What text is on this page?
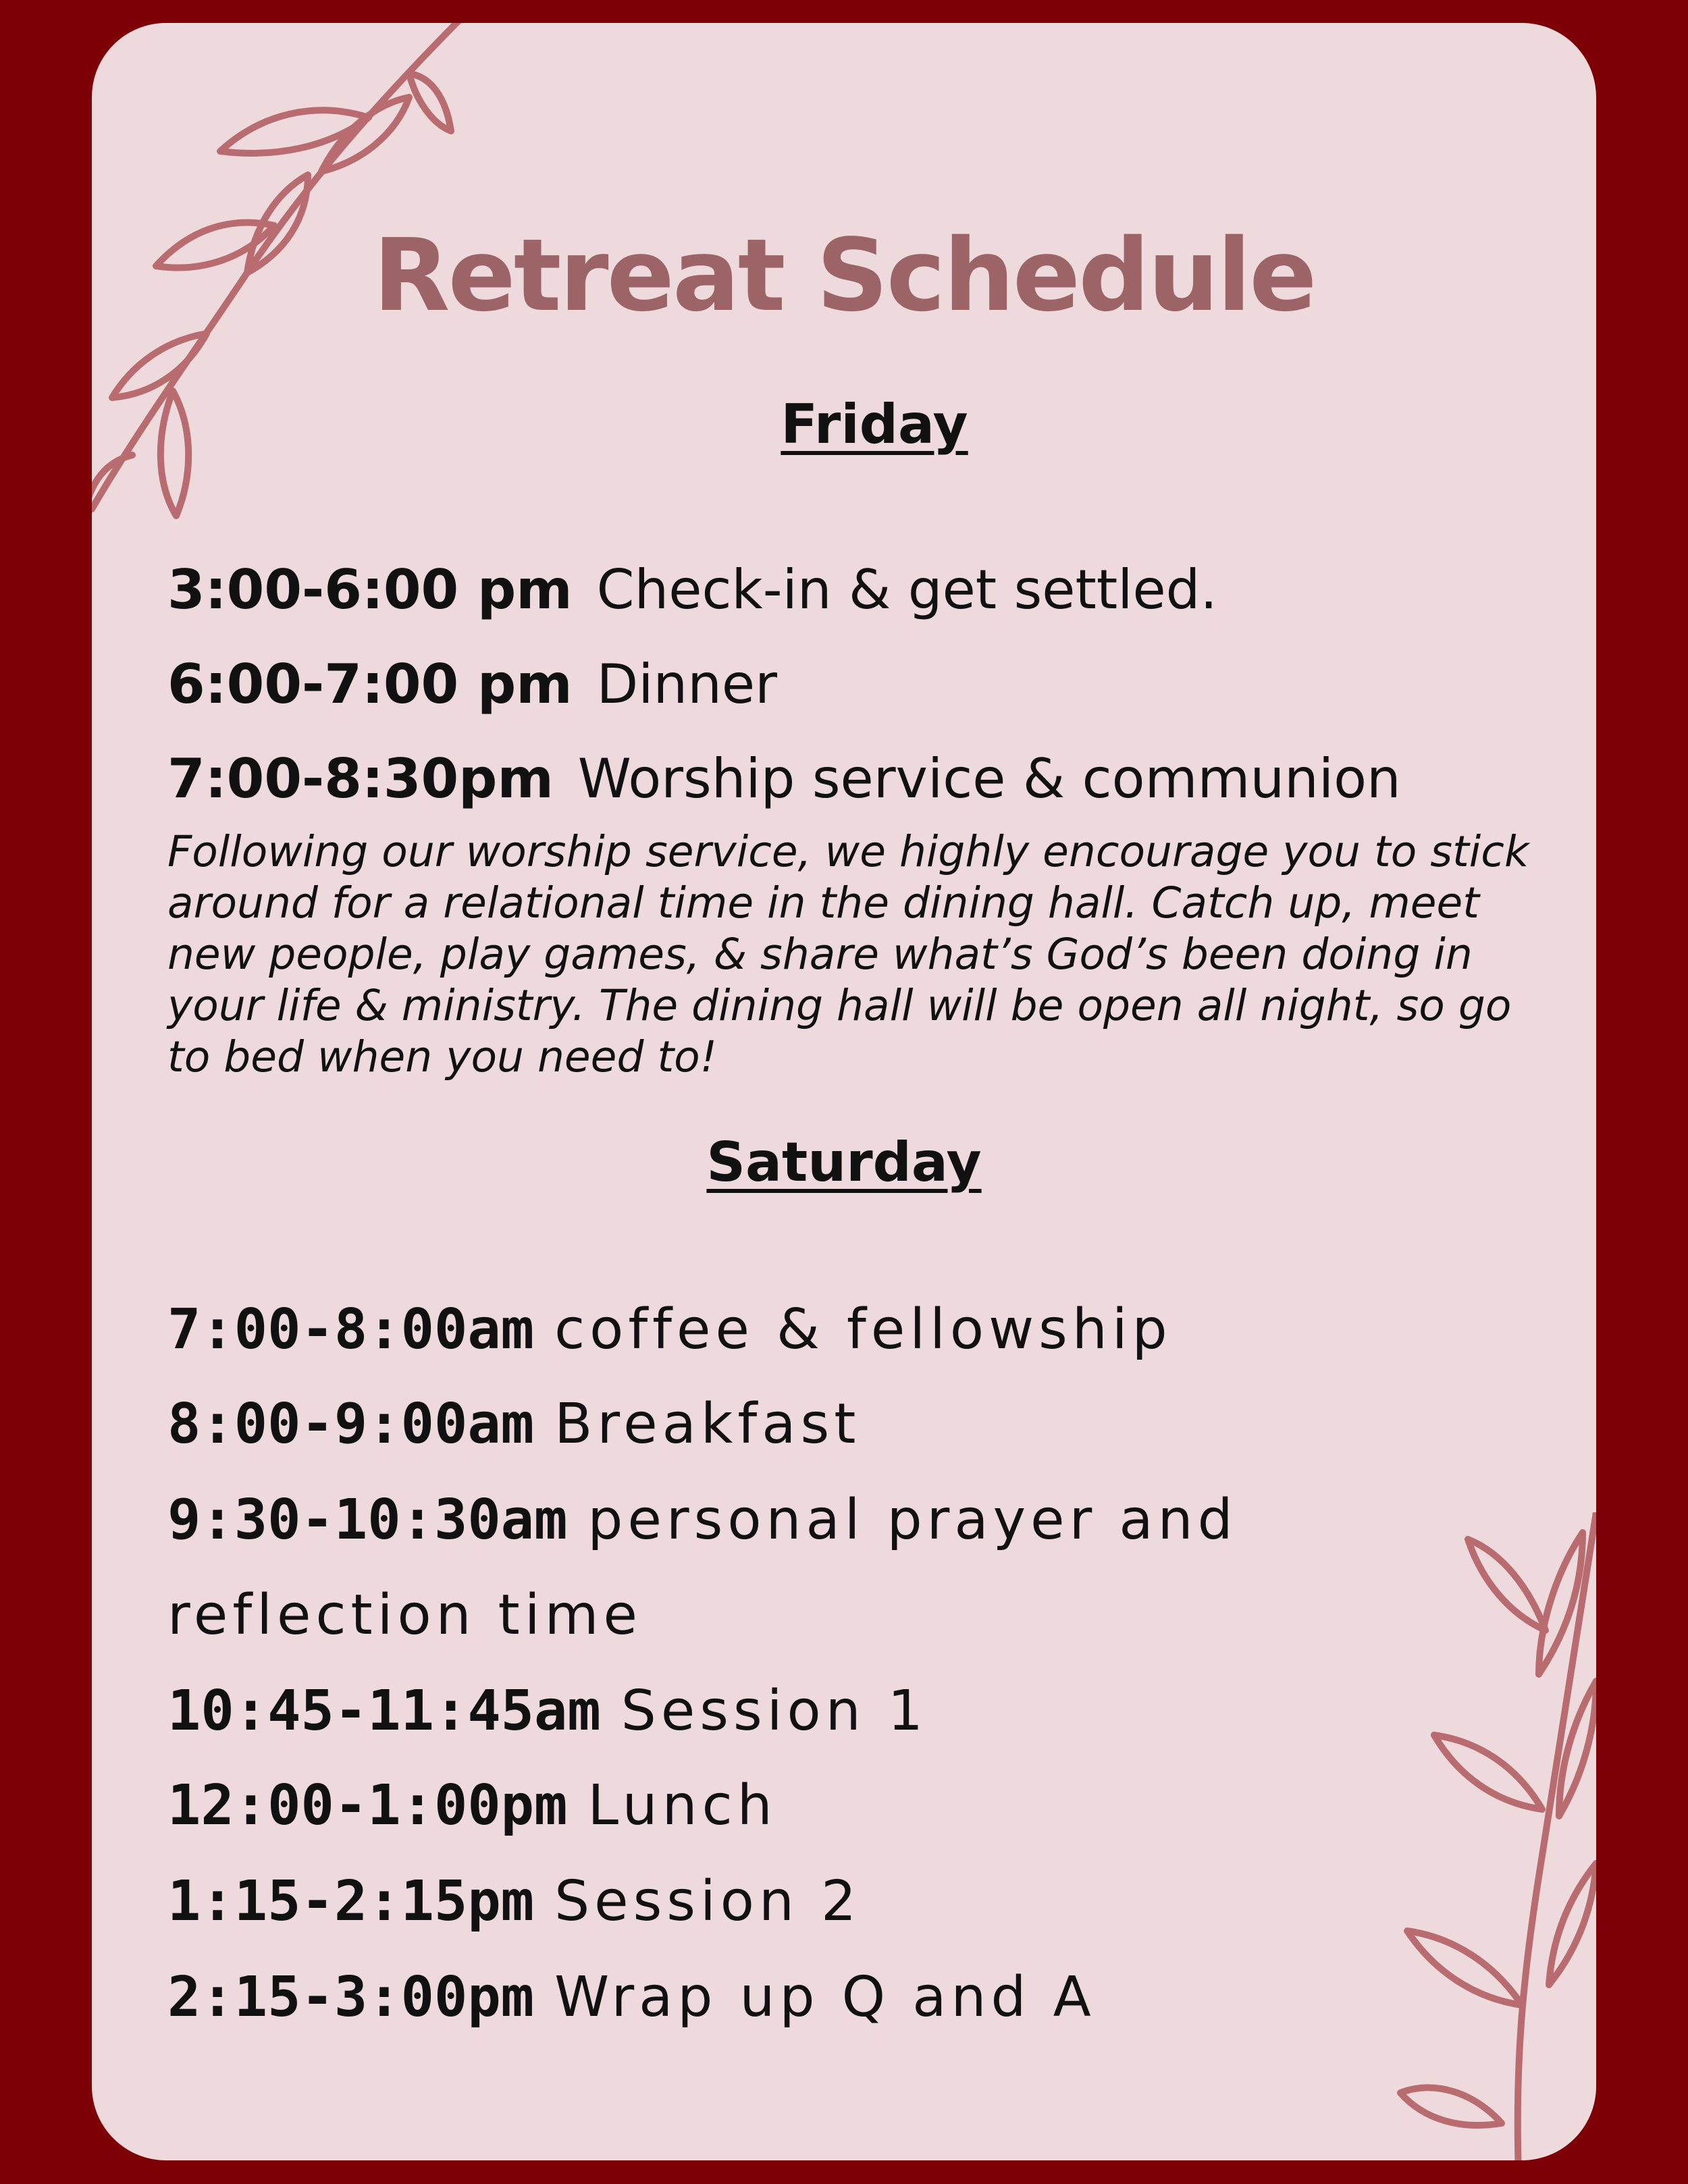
Retreat Schedule
Friday
3:00-6:00 pm Check-in & get settled.
6:00-7:00 pm Dinner
7:00-8:30pm Worship service & communion
Following our worship service, we highly encourage you to stick around for a relational time in the dining hall. Catch up, meet new people, play games, & share what’s God’s been doing in your life & ministry. The dining hall will be open all night, so go to bed when you need to!
Saturday
7:00-8:00am coffee & fellowship
8:00-9:00am Breakfast
9:30-10:30am personal prayer and
reflection time
10:45-11:45am Session 1
12:00-1:00pm Lunch
1:15-2:15pm Session 2
2:15-3:00pm Wrap up Q and A
